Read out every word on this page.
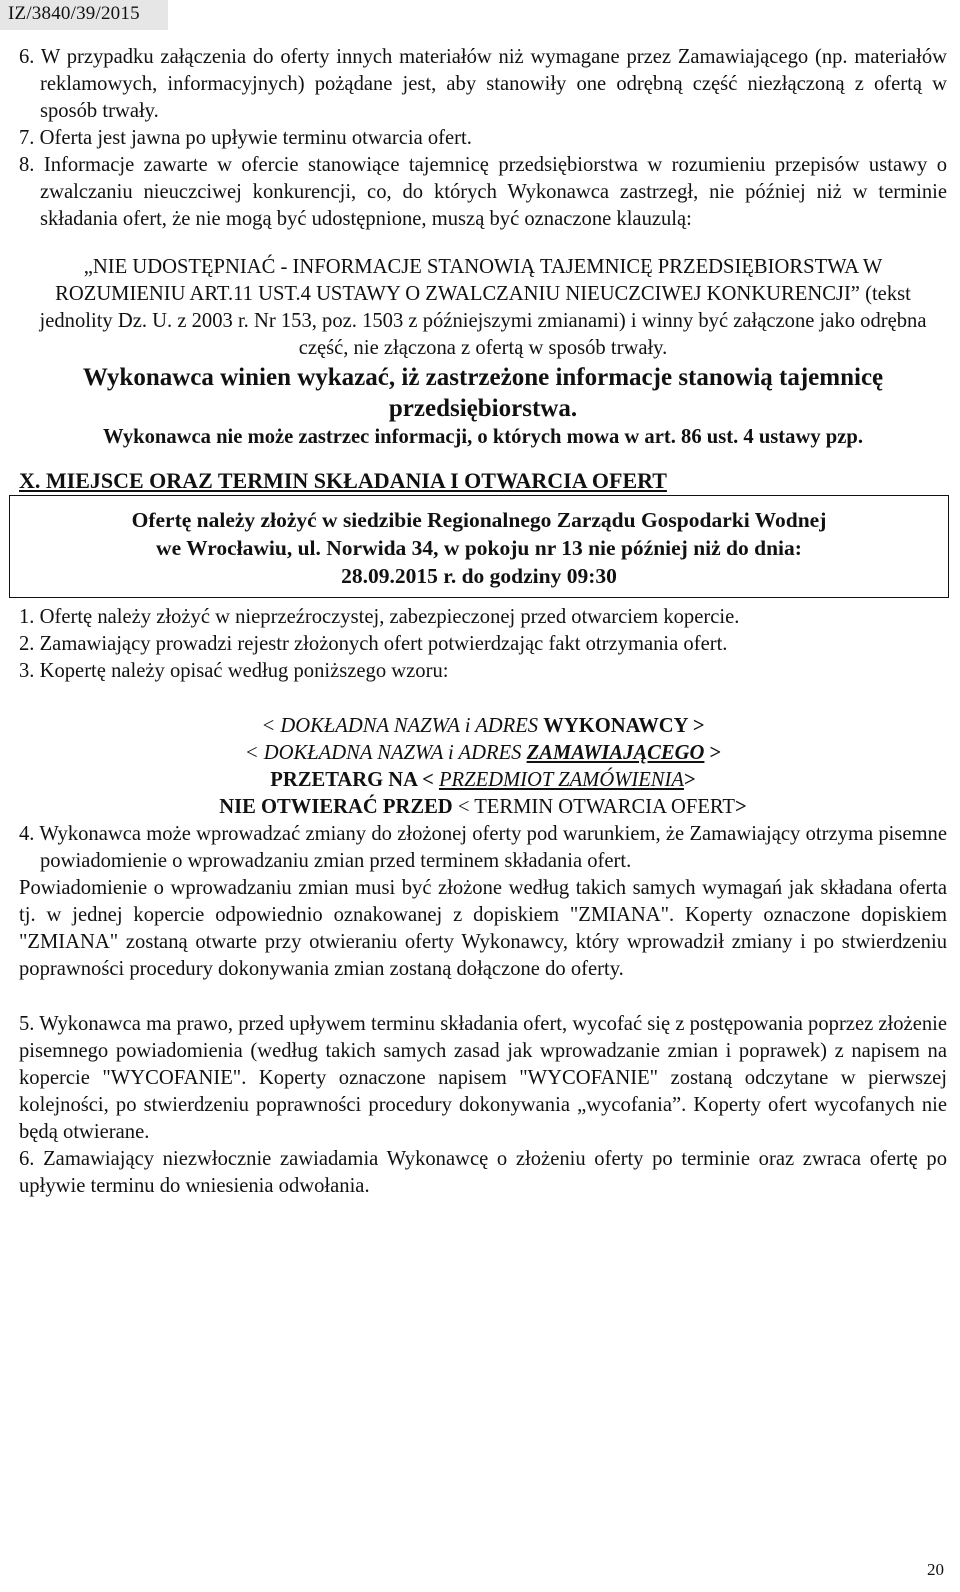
IZ/3840/39/2015

6. W przypadku załączenia do oferty innych materiałów niż wymagane przez Zamawiającego (np. materiałów reklamowych, informacyjnych) pożądane jest, aby stanowiły one odrębną część niezłączoną z ofertą w sposób trwały.

7. Oferta jest jawna po upływie terminu otwarcia ofert.

8. Informacje zawarte w ofercie stanowiące tajemnicę przedsiębiorstwa w rozumieniu przepisów ustawy o zwalczaniu nieuczciwej konkurencji, co, do których Wykonawca zastrzegł, nie później niż w terminie składania ofert, że nie mogą być udostępnione, muszą być oznaczone klauzulą:

„NIE UDOSTĘPNIAĆ - INFORMACJE STANOWIĄ TAJEMNICĘ PRZEDSIĘBIORSTWA W ROZUMIENIU ART.11 UST.4 USTAWY O ZWALCZANIU NIEUCZCIWEJ KONKURENCJI” (tekst jednolity Dz. U. z 2003 r. Nr 153, poz. 1503 z późniejszymi zmianami) i winny być załączone jako odrębna część, nie złączona z ofertą w sposób trwały.

Wykonawca winien wykazać, iż zastrzeżone informacje stanowią tajemnicę przedsiębiorstwa.

Wykonawca nie może zastrzec informacji, o których mowa w art. 86 ust. 4 ustawy pzp.

X. MIEJSCE ORAZ TERMIN SKŁADANIA I OTWARCIA OFERT

Ofertę należy złożyć w siedzibie Regionalnego Zarządu Gospodarki Wodnej

we Wrocławiu, ul. Norwida 34, w pokoju nr 13 nie później niż do dnia:

28.09.2015 r. do godziny 09:30

1. Ofertę należy złożyć w nieprzeźroczystej, zabezpieczonej przed otwarciem kopercie.

2. Zamawiający prowadzi rejestr złożonych ofert potwierdzając fakt otrzymania ofert.

3. Kopertę należy opisać według poniższego wzoru:

< DOKŁADNA NAZWA i ADRES WYKONAWCY >

< DOKŁADNA NAZWA i ADRES ZAMAWIAJĄCEGO >

PRZETARG NA < PRZEDMIOT ZAMÓWIENIA>

NIE OTWIERAĆ PRZED < TERMIN OTWARCIA OFERT>

4. Wykonawca może wprowadzać zmiany do złożonej oferty pod warunkiem, że Zamawiający otrzyma pisemne powiadomienie o wprowadzaniu zmian przed terminem składania ofert.

Powiadomienie o wprowadzaniu zmian musi być złożone według takich samych wymagań jak składana oferta tj. w jednej kopercie odpowiednio oznakowanej z dopiskiem "ZMIANA". Koperty oznaczone dopiskiem "ZMIANA" zostaną otwarte przy otwieraniu oferty Wykonawcy, który wprowadził zmiany i po stwierdzeniu poprawności procedury dokonywania zmian zostaną dołączone do oferty.

5. Wykonawca ma prawo, przed upływem terminu składania ofert, wycofać się z postępowania poprzez złożenie pisemnego powiadomienia (według takich samych zasad jak wprowadzanie zmian i poprawek) z napisem na kopercie "WYCOFANIE". Koperty oznaczone napisem "WYCOFANIE" zostaną odczytane w pierwszej kolejności, po stwierdzeniu poprawności procedury dokonywania „wycofania”. Koperty ofert wycofanych nie będą otwierane.

6. Zamawiający niezwłocznie zawiadamia Wykonawcę o złożeniu oferty po terminie oraz zwraca ofertę po upływie terminu do wniesienia odwołania.

20
